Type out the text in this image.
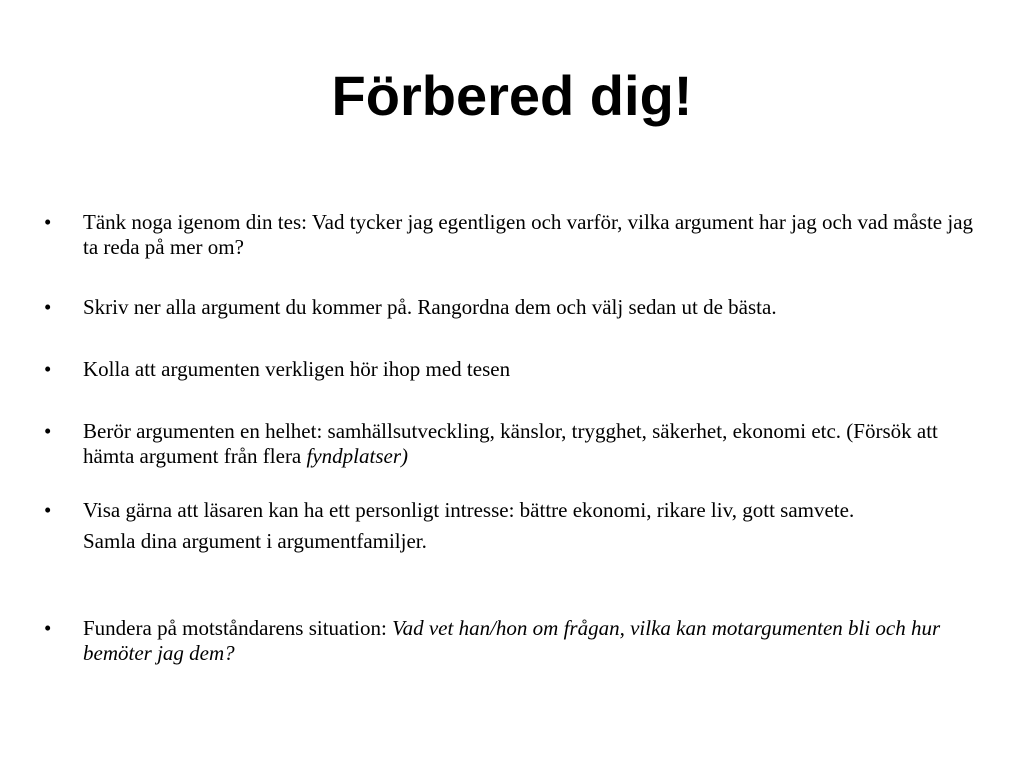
Förbered dig!
•	Tänk noga igenom din tes: Vad tycker jag egentligen och varför, vilka argument har jag och vad måste jag ta reda på mer om?

•	Skriv ner alla argument du kommer på. Rangordna dem och välj sedan ut de bästa.

•	Kolla att argumenten verkligen hör ihop med tesen

•	Berör argumenten en helhet: samhällsutveckling, känslor, trygghet, säkerhet, ekonomi etc. (Försök att hämta argument från flera fyndplatser)

•	Visa gärna att läsaren kan ha ett personligt intresse: bättre ekonomi, rikare liv, gott samvete.

Samla dina argument i argumentfamiljer.

•	Fundera på motståndarens situation: Vad vet han/hon om frågan, vilka kan motargumenten bli och hur bemöter jag dem?
